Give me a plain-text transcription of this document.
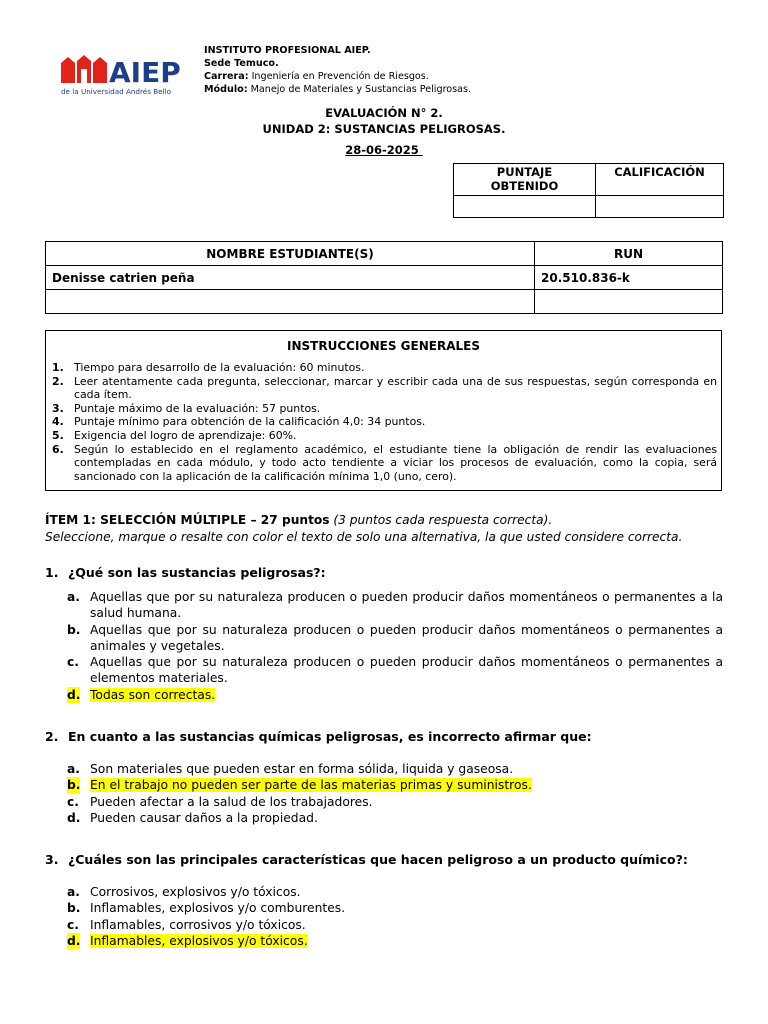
AIEP
de la Universidad Andrés Bello
INSTITUTO PROFESIONAL AIEP.
Sede Temuco.
Carrera: Ingeniería en Prevención de Riesgos.
Módulo: Manejo de Materiales y Sustancias Peligrosas.
EVALUACIÓN N° 2.
UNIDAD 2: SUSTANCIAS PELIGROSAS.
28-06-2025
PUNTAJE
OBTENIDO	CALIFICACIÓN

NOMBRE ESTUDIANTE(S)	RUN
Denisse catrien peña	20.510.836-k

INSTRUCCIONES GENERALES
1. Tiempo para desarrollo de la evaluación: 60 minutos.
2. Leer atentamente cada pregunta, seleccionar, marcar y escribir cada una de sus respuestas, según corresponda en cada ítem.
3. Puntaje máximo de la evaluación: 57 puntos.
4. Puntaje mínimo para obtención de la calificación 4,0: 34 puntos.
5. Exigencia del logro de aprendizaje: 60%.
6. Según lo establecido en el reglamento académico, el estudiante tiene la obligación de rendir las evaluaciones contempladas en cada módulo, y todo acto tendiente a viciar los procesos de evaluación, como la copia, será sancionado con la aplicación de la calificación mínima 1,0 (uno, cero).
ÍTEM 1: SELECCIÓN MÚLTIPLE – 27 puntos (3 puntos cada respuesta correcta).
Seleccione, marque o resalte con color el texto de solo una alternativa, la que usted considere correcta.
1. ¿Qué son las sustancias peligrosas?:
a. Aquellas que por su naturaleza producen o pueden producir daños momentáneos o permanentes a la salud humana.
b. Aquellas que por su naturaleza producen o pueden producir daños momentáneos o permanentes a animales y vegetales.
c. Aquellas que por su naturaleza producen o pueden producir daños momentáneos o permanentes a elementos materiales.
d. Todas son correctas.
2. En cuanto a las sustancias químicas peligrosas, es incorrecto afirmar que:
a. Son materiales que pueden estar en forma sólida, liquida y gaseosa.
b. En el trabajo no pueden ser parte de las materias primas y suministros.
c. Pueden afectar a la salud de los trabajadores.
d. Pueden causar daños a la propiedad.
3. ¿Cuáles son las principales características que hacen peligroso a un producto químico?:
a. Corrosivos, explosivos y/o tóxicos.
b. Inflamables, explosivos y/o comburentes.
c. Inflamables, corrosivos y/o tóxicos.
d. Inflamables, explosivos y/o tóxicos.
